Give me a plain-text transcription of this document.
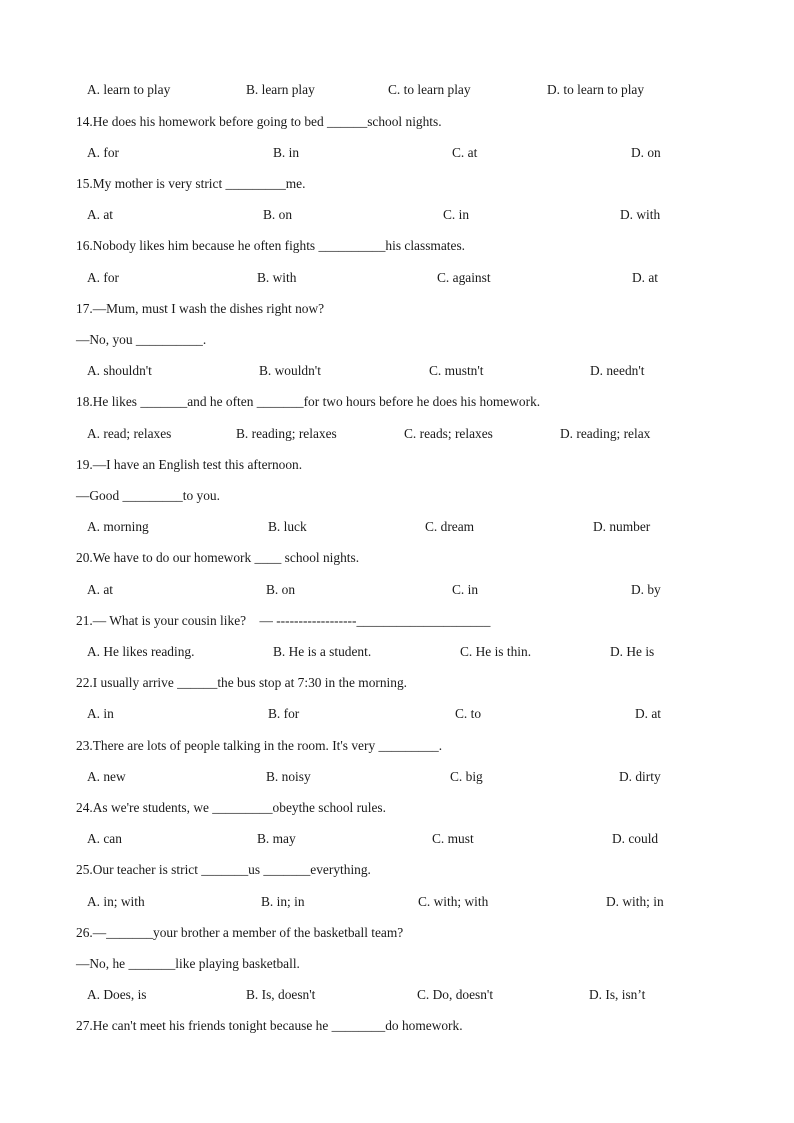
A. learn to play	B. learn play	C. to learn play	D. to learn to play
14.He does his homework before going to bed ______school nights.
A. for	B. in	C. at	D. on
15.My mother is very strict _________me.
A. at	B. on	C. in	D. with
16.Nobody likes him because he often fights __________his classmates.
A. for	B. with	C. against	D. at
17.—Mum, must I wash the dishes right now?
—No, you __________.
A. shouldn't	B. wouldn't	C. mustn't	D. needn't
18.He likes _______and he often _______for two hours before he does his homework.
A. read; relaxes	B. reading; relaxes	C. reads; relaxes	D. reading; relax
19.—I have an English test this afternoon.
—Good _________to you.
A. morning	B. luck	C. dream	D. number
20.We have to do our homework ____ school nights.
A. at	B. on	C. in	D. by
21.— What is your cousin like?    — ------------------____________________
A. He likes reading.	B. He is a student.	C. He is thin.	D. He is
22.I usually arrive ______the bus stop at 7:30 in the morning.
A. in	B. for	C. to	D. at
23.There are lots of people talking in the room. It's very _________.
A. new	B. noisy	C. big	D. dirty
24.As we're students, we _________obeythe school rules.
A. can	B. may	C. must	D. could
25.Our teacher is strict _______us _______everything.
A. in; with	B. in; in	C. with; with	D. with; in
26.—_______your brother a member of the basketball team?
—No, he _______like playing basketball.
A. Does, is	B. Is, doesn't	C. Do, doesn't	D. Is, isn’t
27.He can't meet his friends tonight because he ________do homework.
